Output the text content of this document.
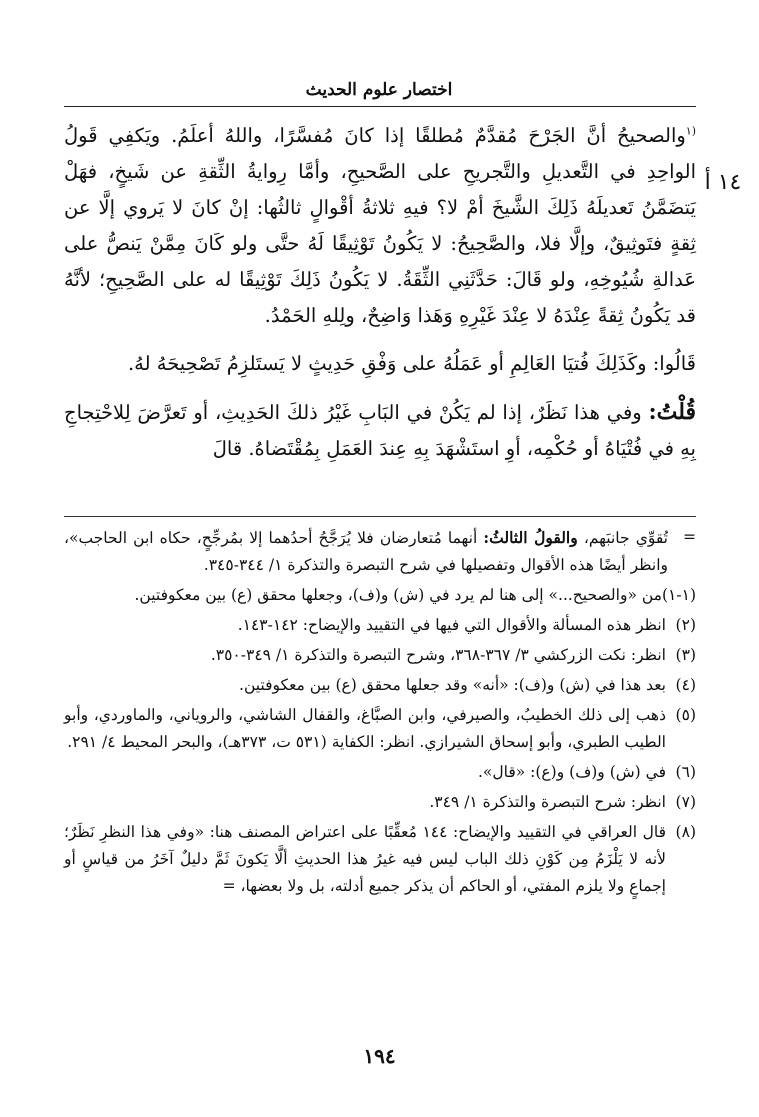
اختصار علوم الحديث
١٤ أ

$^{(١}$والصحيحُ أنَّ الجَرْحَ مُقدَّمٌ مُطلقًا إذا كانَ مُفسَّرًا، واللهُ أعلَمُ. ويَكفِي قَولُ الواحِدِ في التَّعديلِ والتَّجريحِ على الصَّحيحِ، وأمَّا رِوايةُ الثِّقةِ عن شَيخٍ، فهَلْ يَتضَمَّنُ تَعديلَهُ ذَلِكَ الشَّيخَ أمْ لا؟ فيهِ ثلاثةُ أقْوالٍ ثالثُها: إنْ كانَ لا يَروي إلَّا عن ثِقةٍ فتَوثِيقٌ، وإلَّا فلا، والصَّحِيحُ: لا يَكُونُ تَوْثِيقًا لَهُ حتَّى ولو كَانَ مِمَّنْ يَنصُّ على عَدالةِ شُيُوخِهِ، ولو قَالَ: حَدَّثَنِي الثِّقَةُ. لا يَكُونُ ذَلِكَ تَوْثِيقًا له على الصَّحِيحِ؛ لأنَّهُ قد يَكُونُ ثِقةً عِنْدَهُ لا عِنْدَ غَيْرِهِ وَهَذا وَاضِحٌ، ولِلهِ الحَمْدُ.

قَالُوا: وكَذَلِكَ فُتيَا العَالِمِ أو عَمَلُهُ على وَفْقِ حَدِيثٍ لا يَستَلزِمُ تَصْحِيحَهُ لهُ.

قُلْتُ: وفي هذا نَظَرٌ، إذا لم يَكُنْ في البَابِ غَيْرُ ذلكَ الحَدِيثِ، أو تَعرَّضَ لِلاحْتِجاجِ بِهِ في فُتْيَاهُ أو حُكْمِه، أوِ استَشْهَدَ بِهِ عِندَ العَمَلِ بِمُقْتَضاهُ. قالَ

=
تُقوِّي جانبَهم، والقولُ الثالثُ: أنهما مُتعارضان فلا يُرَجَّحُ أحدُهما إلا بمُرجِّحٍ، حكاه ابن الحاجب»، وانظر أيضًا هذه الأقوال وتفصيلها في شرح التبصرة والتذكرة ١/ ٣٤٤-٣٤٥.

(١-١)
من «والصحيح...» إلى هنا لم يرد في (ش) و(ف)، وجعلها محقق (ع) بين معكوفتين.

(٢)
انظر هذه المسألة والأقوال التي فيها في التقييد والإيضاح: ١٤٢-١٤٣.

(٣)
انظر: نكت الزركشي ٣/ ٣٦٧-٣٦٨، وشرح التبصرة والتذكرة ١/ ٣٤٩-٣٥٠.

(٤)
بعد هذا في (ش) و(ف): «أنه» وقد جعلها محقق (ع) بين معكوفتين.

(٥)
ذهب إلى ذلك الخطيبُ، والصيرفي، وابن الصبَّاغ، والقفال الشاشي، والروياني، والماوردي، وأبو الطيب الطبري، وأبو إسحاق الشيرازي. انظر: الكفاية (٥٣١ ت، ٣٧٣هـ)، والبحر المحيط ٤/ ٢٩١.

(٦)
في (ش) و(ف) و(ع): «قال».

(٧)
انظر: شرح التبصرة والتذكرة ١/ ٣٤٩.

(٨)
قال العراقي في التقييد والإيضاح: ١٤٤ مُعقِّبًا على اعتراض المصنف هنا: «وفي هذا النظرِ نَظَرٌ؛ لأنه لا يَلْزَمُ مِن كَوْنِ ذلك الباب ليس فيه غيرُ هذا الحديثِ ألَّا يَكونَ ثَمَّ دليلٌ آخَرُ من قياسٍ أو إجماعٍ ولا يلزم المفتي، أو الحاكم أن يذكر جميع أدلته، بل ولا بعضها، =

١٩٤
